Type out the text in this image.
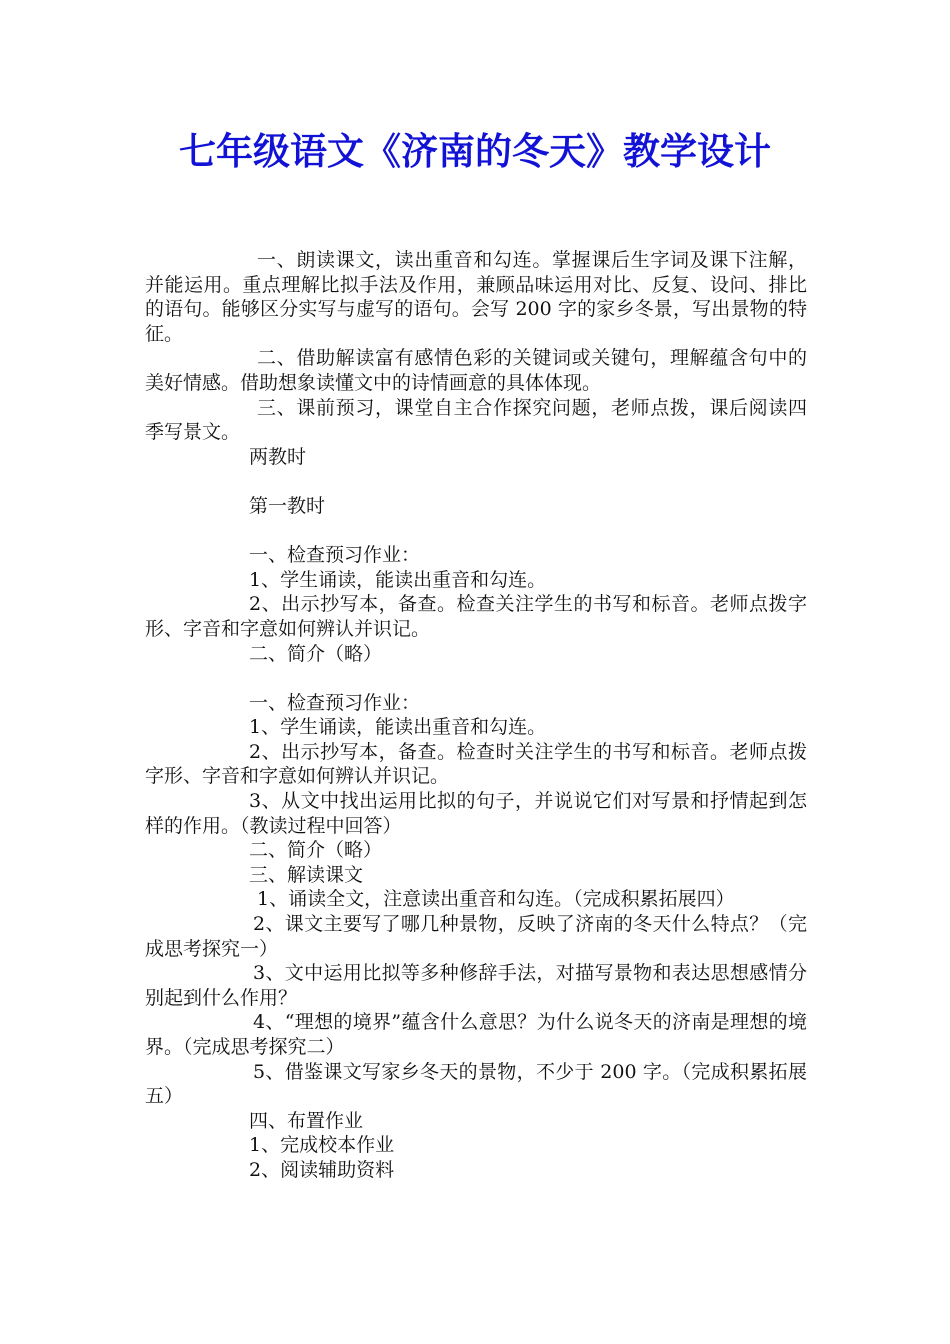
七年级语文《济南的冬天》教学设计

一、朗读课文，读出重音和勾连。掌握课后生字词及课下注解，并能运用。重点理解比拟手法及作用，兼顾品味运用对比、反复、设问、排比的语句。能够区分实写与虚写的语句。会写 200 字的家乡冬景，写出景物的特征。

二、借助解读富有感情色彩的关键词或关键句，理解蕴含句中的美好情感。借助想象读懂文中的诗情画意的具体体现。

三、课前预习，课堂自主合作探究问题，老师点拨，课后阅读四季写景文。

两教时

第一教时

一、检查预习作业：

1、学生诵读，能读出重音和勾连。

2、出示抄写本，备查。检查关注学生的书写和标音。老师点拨字形、字音和字意如何辨认并识记。

二、简介（略）

一、检查预习作业：

1、学生诵读，能读出重音和勾连。

2、出示抄写本，备查。检查时关注学生的书写和标音。老师点拨字形、字音和字意如何辨认并识记。

3、从文中找出运用比拟的句子，并说说它们对写景和抒情起到怎样的作用。（教读过程中回答）

二、简介（略）

三、解读课文

1、诵读全文，注意读出重音和勾连。（完成积累拓展四）

2、课文主要写了哪几种景物，反映了济南的冬天什么特点？（完成思考探究一）

3、文中运用比拟等多种修辞手法，对描写景物和表达思想感情分别起到什么作用？

4、“理想的境界”蕴含什么意思？为什么说冬天的济南是理想的境界。（完成思考探究二）

5、借鉴课文写家乡冬天的景物，不少于 200 字。（完成积累拓展五）

四、布置作业

1、完成校本作业

2、阅读辅助资料
